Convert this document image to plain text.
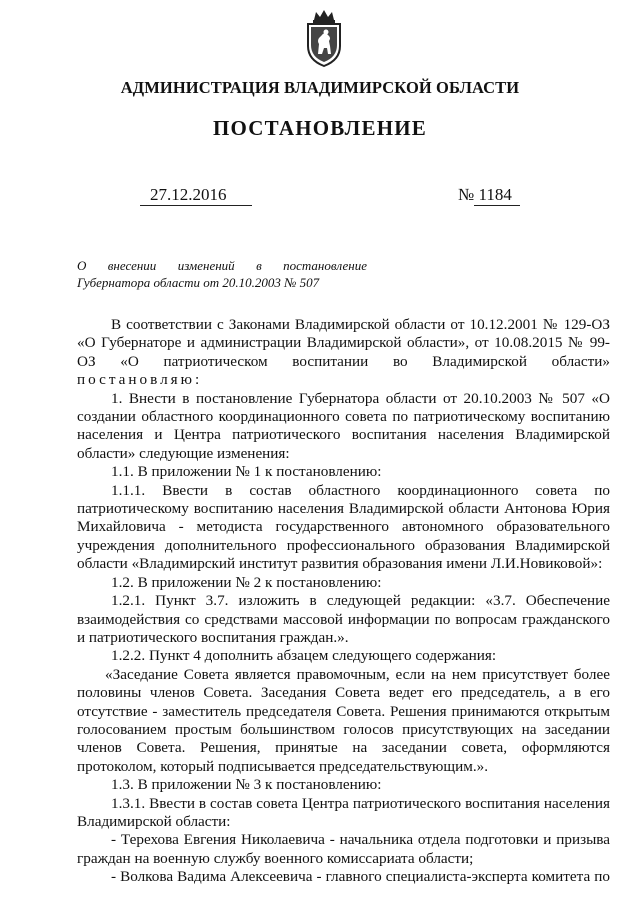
АДМИНИСТРАЦИЯ ВЛАДИМИРСКОЙ ОБЛАСТИ
ПОСТАНОВЛЕНИЕ
27.12.2016	№ 1184
О внесении изменений в постановление
Губернатора области от 20.10.2003 № 507

В соответствии с Законами Владимирской области от 10.12.2001 № 129-ОЗ «О Губернаторе и администрации Владимирской области», от 10.08.2015 № 99-ОЗ «О патриотическом воспитании во Владимирской области» постановляю:

1. Внести в постановление Губернатора области от 20.10.2003 № 507 «О создании областного координационного совета по патриотическому воспитанию населения и Центра патриотического воспитания населения Владимирской области» следующие изменения:

1.1. В приложении № 1 к постановлению:

1.1.1. Ввести в состав областного координационного совета по патриотическому воспитанию населения Владимирской области Антонова Юрия Михайловича - методиста государственного автономного образовательного учреждения дополнительного профессионального образования Владимирской области «Владимирский институт развития образования имени Л.И.Новиковой»:

1.2. В приложении № 2 к постановлению:

1.2.1. Пункт 3.7. изложить в следующей редакции: «3.7. Обеспечение взаимодействия со средствами массовой информации по вопросам гражданского и патриотического воспитания граждан.».

1.2.2. Пункт 4 дополнить абзацем следующего содержания:

«Заседание Совета является правомочным, если на нем присутствует более половины членов Совета. Заседания Совета ведет его председатель, а в его отсутствие - заместитель председателя Совета. Решения принимаются открытым голосованием простым большинством голосов присутствующих на заседании членов Совета. Решения, принятые на заседании совета, оформляются протоколом, который подписывается председательствующим.».

1.3. В приложении № 3 к постановлению:

1.3.1. Ввести в состав совета Центра патриотического воспитания населения Владимирской области:

- Терехова Евгения Николаевича - начальника отдела подготовки и призыва граждан на военную службу военного комиссариата области;

- Волкова Вадима Алексеевича - главного специалиста-эксперта комитета по
